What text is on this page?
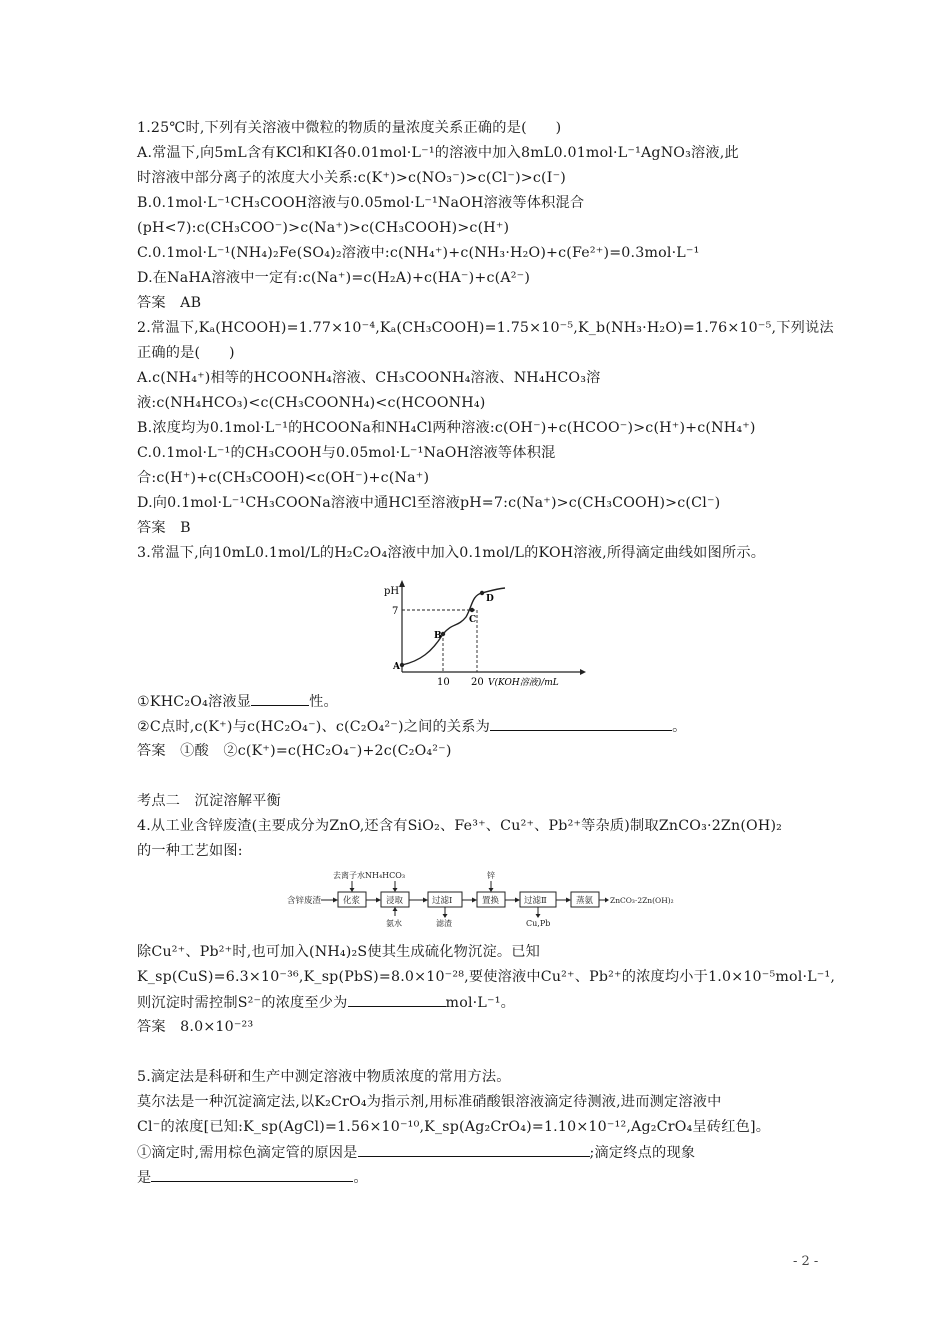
1.25℃时,下列有关溶液中微粒的物质的量浓度关系正确的是(　　)
A.常温下,向5mL含有KCl和KI各0.01mol·L⁻¹的溶液中加入8mL0.01mol·L⁻¹AgNO₃溶液,此
时溶液中部分离子的浓度大小关系:c(K⁺)>c(NO₃⁻)>c(Cl⁻)>c(I⁻)
B.0.1mol·L⁻¹CH₃COOH溶液与0.05mol·L⁻¹NaOH溶液等体积混合
(pH<7):c(CH₃COO⁻)>c(Na⁺)>c(CH₃COOH)>c(H⁺)
C.0.1mol·L⁻¹(NH₄)₂Fe(SO₄)₂溶液中:c(NH₄⁺)+c(NH₃·H₂O)+c(Fe²⁺)=0.3mol·L⁻¹
D.在NaHA溶液中一定有:c(Na⁺)=c(H₂A)+c(HA⁻)+c(A²⁻)
答案　AB
2.常温下,Kₐ(HCOOH)=1.77×10⁻⁴,Kₐ(CH₃COOH)=1.75×10⁻⁵,K_b(NH₃·H₂O)=1.76×10⁻⁵,下列说法
正确的是(　　)
A.c(NH₄⁺)相等的HCOONH₄溶液、CH₃COONH₄溶液、NH₄HCO₃溶
液:c(NH₄HCO₃)<c(CH₃COONH₄)<c(HCOONH₄)
B.浓度均为0.1mol·L⁻¹的HCOONa和NH₄Cl两种溶液:c(OH⁻)+c(HCOO⁻)>c(H⁺)+c(NH₄⁺)
C.0.1mol·L⁻¹的CH₃COOH与0.05mol·L⁻¹NaOH溶液等体积混
合:c(H⁺)+c(CH₃COOH)<c(OH⁻)+c(Na⁺)
D.向0.1mol·L⁻¹CH₃COONa溶液中通HCl至溶液pH=7:c(Na⁺)>c(CH₃COOH)>c(Cl⁻)
答案　B
3.常温下,向10mL0.1mol/L的H₂C₂O₄溶液中加入0.1mol/L的KOH溶液,所得滴定曲线如图所示。
pH
7
A
B
C
D
10 20 V(KOH溶液)/mL
①KHC₂O₄溶液显	性。
②C点时,c(K⁺)与c(HC₂O₄⁻)、c(C₂O₄²⁻)之间的关系为	。
答案　①酸　②c(K⁺)=c(HC₂O₄⁻)+2c(C₂O₄²⁻)
考点二　沉淀溶解平衡
4.从工业含锌废渣(主要成分为ZnO,还含有SiO₂、Fe³⁺、Cu²⁺、Pb²⁺等杂质)制取ZnCO₃·2Zn(OH)₂
的一种工艺如图:
含锌废渣	化浆	浸取	过滤Ⅰ	置换	过滤Ⅱ	蒸氨 ZnCO₃·2Zn(OH)₂
去离子水NH₄HCO₃	锌
氨水	滤渣	Cu,Pb
除Cu²⁺、Pb²⁺时,也可加入(NH₄)₂S使其生成硫化物沉淀。已知
K_sp(CuS)=6.3×10⁻³⁶,K_sp(PbS)=8.0×10⁻²⁸,要使溶液中Cu²⁺、Pb²⁺的浓度均小于1.0×10⁻⁵mol·L⁻¹,
则沉淀时需控制S²⁻的浓度至少为	mol·L⁻¹。
答案　8.0×10⁻²³
5.滴定法是科研和生产中测定溶液中物质浓度的常用方法。
莫尔法是一种沉淀滴定法,以K₂CrO₄为指示剂,用标准硝酸银溶液滴定待测液,进而测定溶液中
Cl⁻的浓度[已知:K_sp(AgCl)=1.56×10⁻¹⁰,K_sp(Ag₂CrO₄)=1.10×10⁻¹²,Ag₂CrO₄呈砖红色]。
①滴定时,需用棕色滴定管的原因是	;滴定终点的现象
是	。
- 2 -
